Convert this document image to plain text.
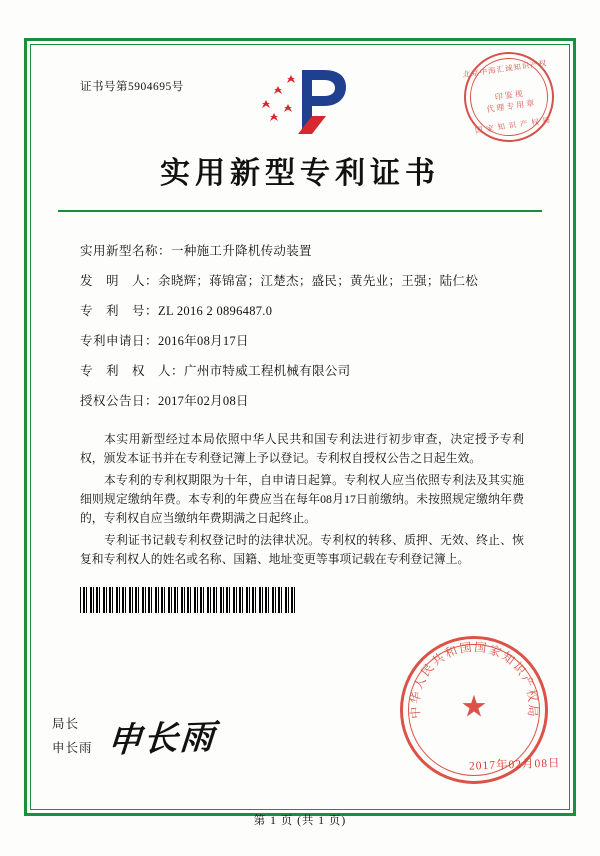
证书号第5904695号
实用新型专利证书
实用新型名称：一种施工升降机传动装置
发　明　人：余晓辉；蒋锦富；江楚杰；盛民；黄先业；王强；陆仁松
专　利　号：ZL 2016 2 0896487.0
专利申请日：2016年08月17日
专　利　权　人：广州市特威工程机械有限公司
授权公告日：2017年02月08日
本实用新型经过本局依照中华人民共和国专利法进行初步审查，决定授予专利权，颁发本证书并在专利登记簿上予以登记。专利权自授权公告之日起生效。
本专利的专利权期限为十年，自申请日起算。专利权人应当依照专利法及其实施细则规定缴纳年费。本专利的年费应当在每年08月17日前缴纳。未按照规定缴纳年费的，专利权自应当缴纳年费期满之日起终止。
专利证书记载专利权登记时的法律状况。专利权的转移、质押、无效、终止、恢复和专利权人的姓名或名称、国籍、地址变更等事项记载在专利登记簿上。
北京中海汇诚知识产权
印 鉴 视
代 理 专 用 章
国 家 知 识 产 权 局
局长
申长雨 申长雨
中华人民共和国国家知识产权局
★
2017年02月08日
第 1 页 (共 1 页)
